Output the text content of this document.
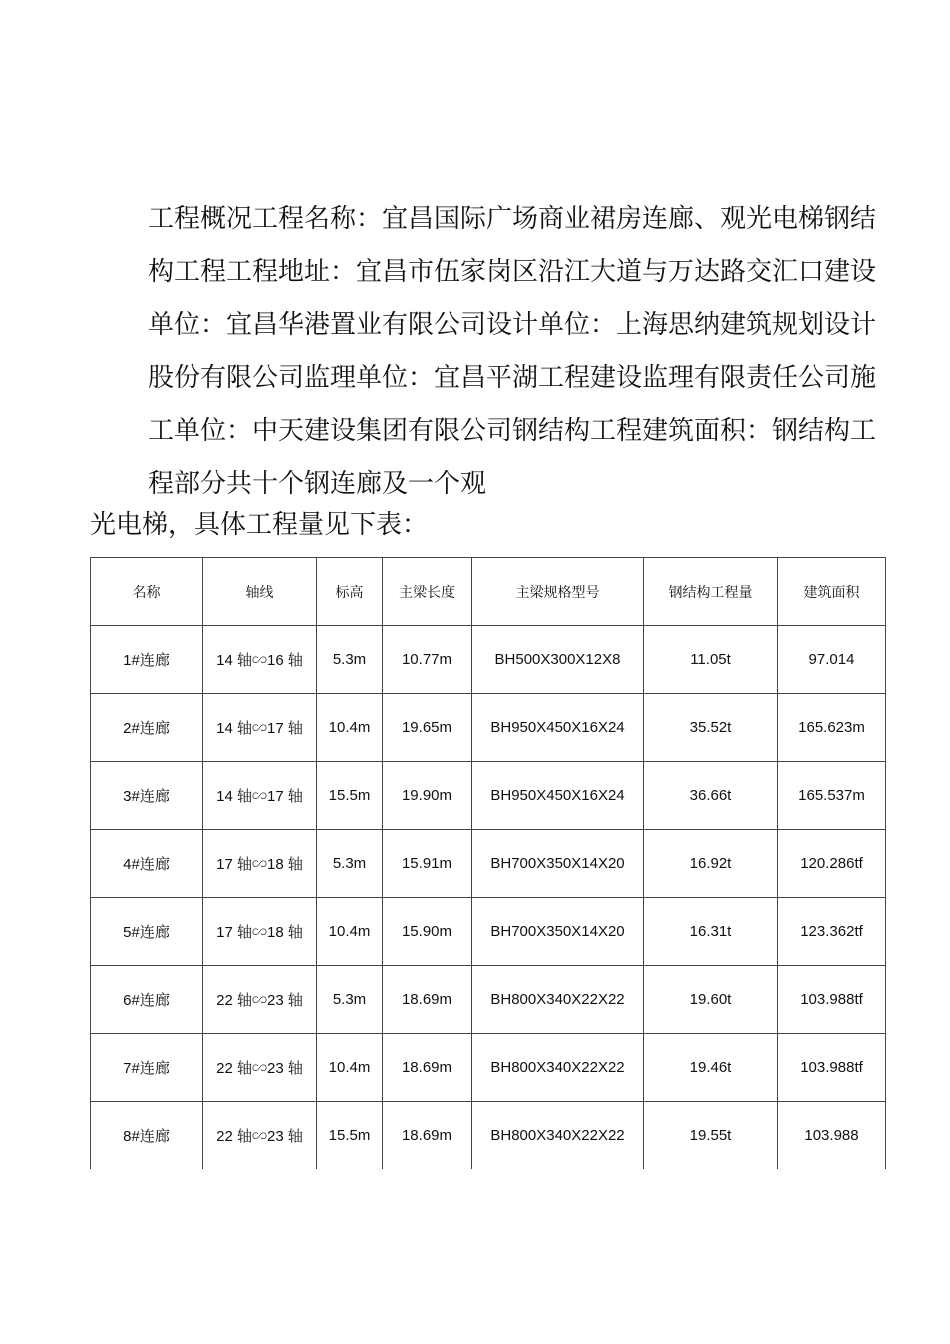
工程概况工程名称：宜昌国际广场商业裙房连廊、观光电梯钢结构工程工程地址：宜昌市伍家岗区沿江大道与万达路交汇口建设单位：宜昌华港置业有限公司设计单位：上海思纳建筑规划设计股份有限公司监理单位：宜昌平湖工程建设监理有限责任公司施工单位：中天建设集团有限公司钢结构工程建筑面积：钢结构工程部分共十个钢连廊及一个观

光电梯，具体工程量见下表：

名称	轴线	标高	主梁长度	主梁规格型号	钢结构工程量	建筑面积
1#连廊	14 轴∽16 轴	5.3m	10.77m	BH500X300X12X8	11.05t	97.014
2#连廊	14 轴∽17 轴	10.4m	19.65m	BH950X450X16X24	35.52t	165.623m
3#连廊	14 轴∽17 轴	15.5m	19.90m	BH950X450X16X24	36.66t	165.537m
4#连廊	17 轴∽18 轴	5.3m	15.91m	BH700X350X14X20	16.92t	120.286tf
5#连廊	17 轴∽18 轴	10.4m	15.90m	BH700X350X14X20	16.31t	123.362tf
6#连廊	22 轴∽23 轴	5.3m	18.69m	BH800X340X22X22	19.60t	103.988tf
7#连廊	22 轴∽23 轴	10.4m	18.69m	BH800X340X22X22	19.46t	103.988tf
8#连廊	22 轴∽23 轴	15.5m	18.69m	BH800X340X22X22	19.55t	103.988
